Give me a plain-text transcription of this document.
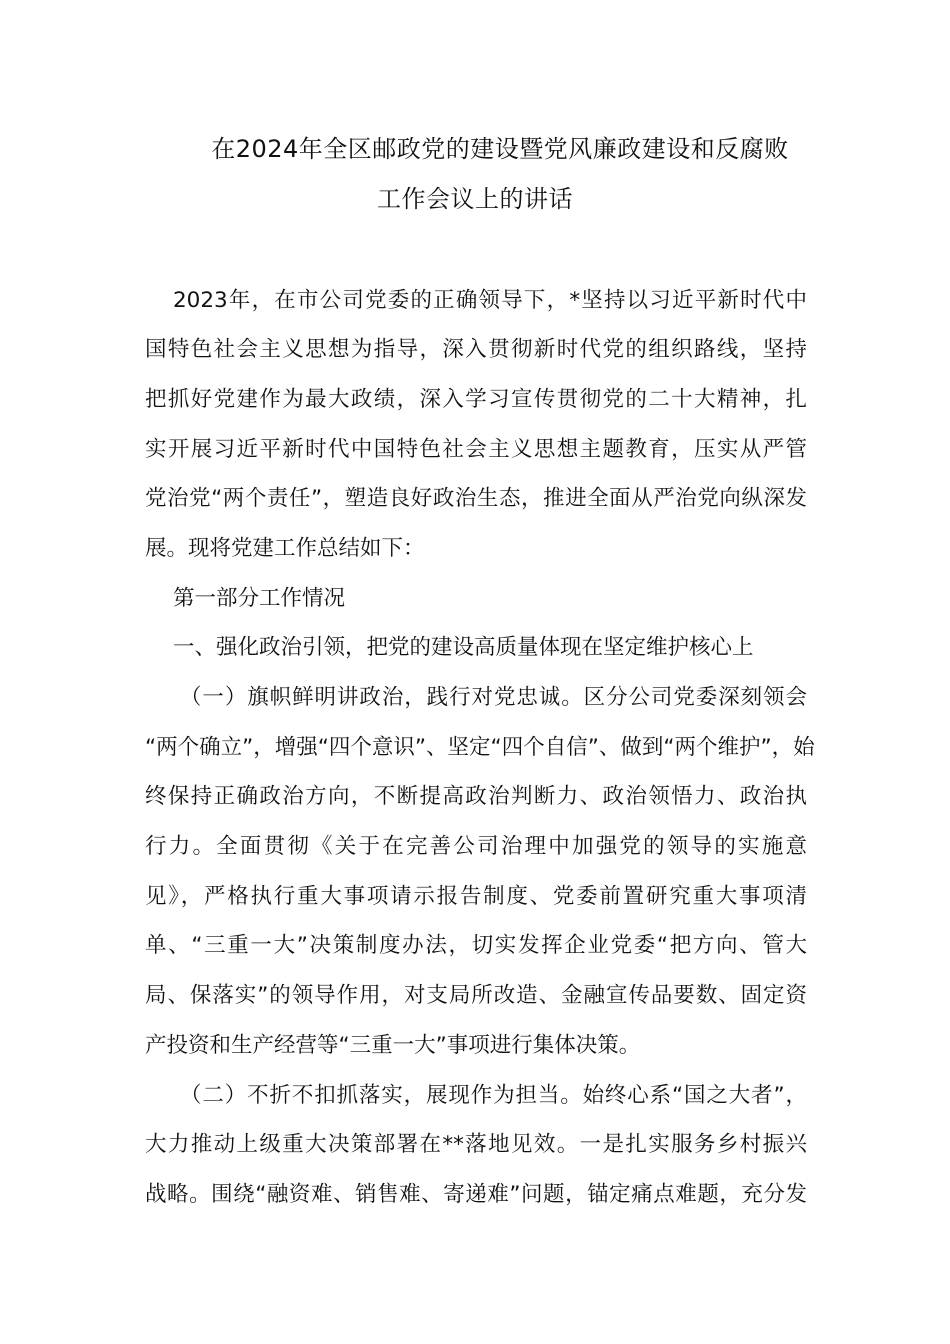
在2024年全区邮政党的建设暨党风廉政建设和反腐败
工作会议上的讲话
2023年，在市公司党委的正确领导下，*坚持以习近平新时代中
国特色社会主义思想为指导，深入贯彻新时代党的组织路线，坚持
把抓好党建作为最大政绩，深入学习宣传贯彻党的二十大精神，扎
实开展习近平新时代中国特色社会主义思想主题教育，压实从严管
党治党“两个责任”，塑造良好政治生态，推进全面从严治党向纵深发
展。现将党建工作总结如下：
第一部分工作情况
一、强化政治引领，把党的建设高质量体现在坚定维护核心上
（一）旗帜鲜明讲政治，践行对党忠诚。区分公司党委深刻领会
“两个确立”，增强“四个意识”、坚定“四个自信”、做到“两个维护”，始
终保持正确政治方向，不断提高政治判断力、政治领悟力、政治执
行力。全面贯彻《关于在完善公司治理中加强党的领导的实施意
见》，严格执行重大事项请示报告制度、党委前置研究重大事项清
单、“三重一大”决策制度办法，切实发挥企业党委“把方向、管大
局、保落实”的领导作用，对支局所改造、金融宣传品要数、固定资
产投资和生产经营等“三重一大”事项进行集体决策。
（二）不折不扣抓落实，展现作为担当。始终心系“国之大者”，
大力推动上级重大决策部署在**落地见效。一是扎实服务乡村振兴
战略。围绕“融资难、销售难、寄递难”问题，锚定痛点难题，充分发
